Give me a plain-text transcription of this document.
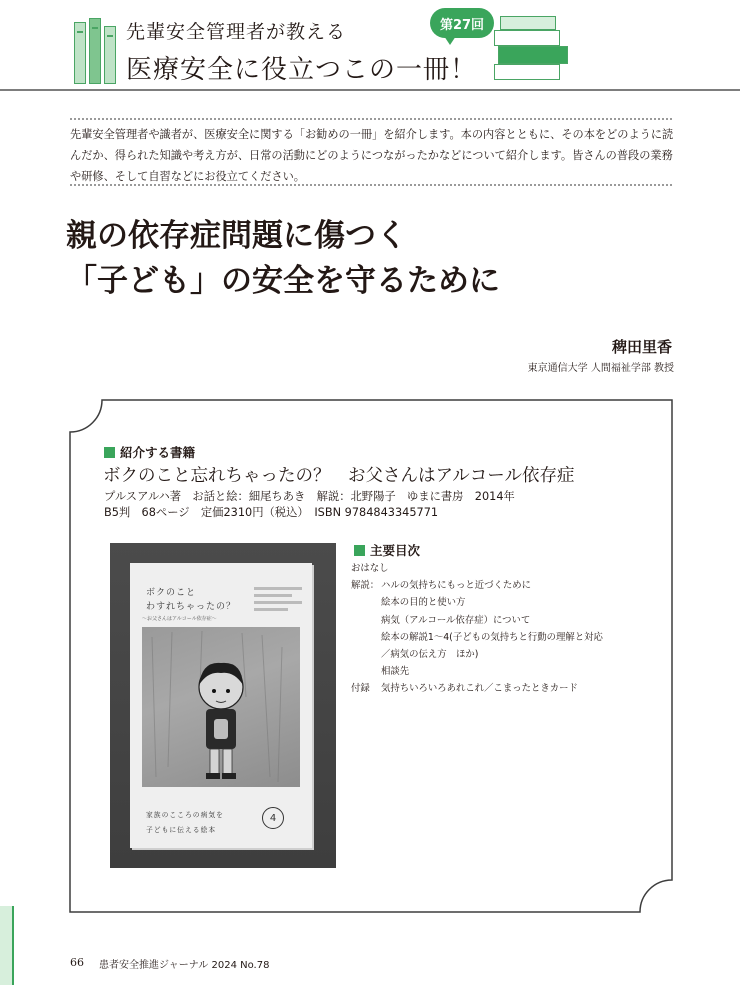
先輩安全管理者が教える
医療安全に役立つこの一冊！
第27回

先輩安全管理者や識者が、医療安全に関する「お勧めの一冊」を紹介します。本の内容とともに、その本をどのように読んだか、得られた知識や考え方が、日常の活動にどのようにつながったかなどについて紹介します。皆さんの普段の業務や研修、そして自習などにお役立てください。

親の依存症問題に傷つく
「子ども」の安全を守るために
稗田里香
東京通信大学 人間福祉学部 教授
紹介する書籍
ボクのこと忘れちゃったの？　お父さんはアルコール依存症
プルスアルハ著　お話と絵：細尾ちあき　解説：北野陽子　ゆまに書房　2014年
B5判　68ページ　定価2310円（税込）　ISBN 9784843345771
ボクのこと
わすれちゃったの？
～お父さんはアルコール依存症～
家族のこころの病気を
子どもに伝える絵本
4
主要目次
おはなし
解説： ハルの気持ちにもっと近づくために
絵本の目的と使い方
病気（アルコール依存症）について
絵本の解説1～4(子どもの気持ちと行動の理解と対応
／病気の伝え方　ほか)
相談先
付録	気持ちいろいろあれこれ／こまったときカード
66 患者安全推進ジャーナル 2024 No.78
